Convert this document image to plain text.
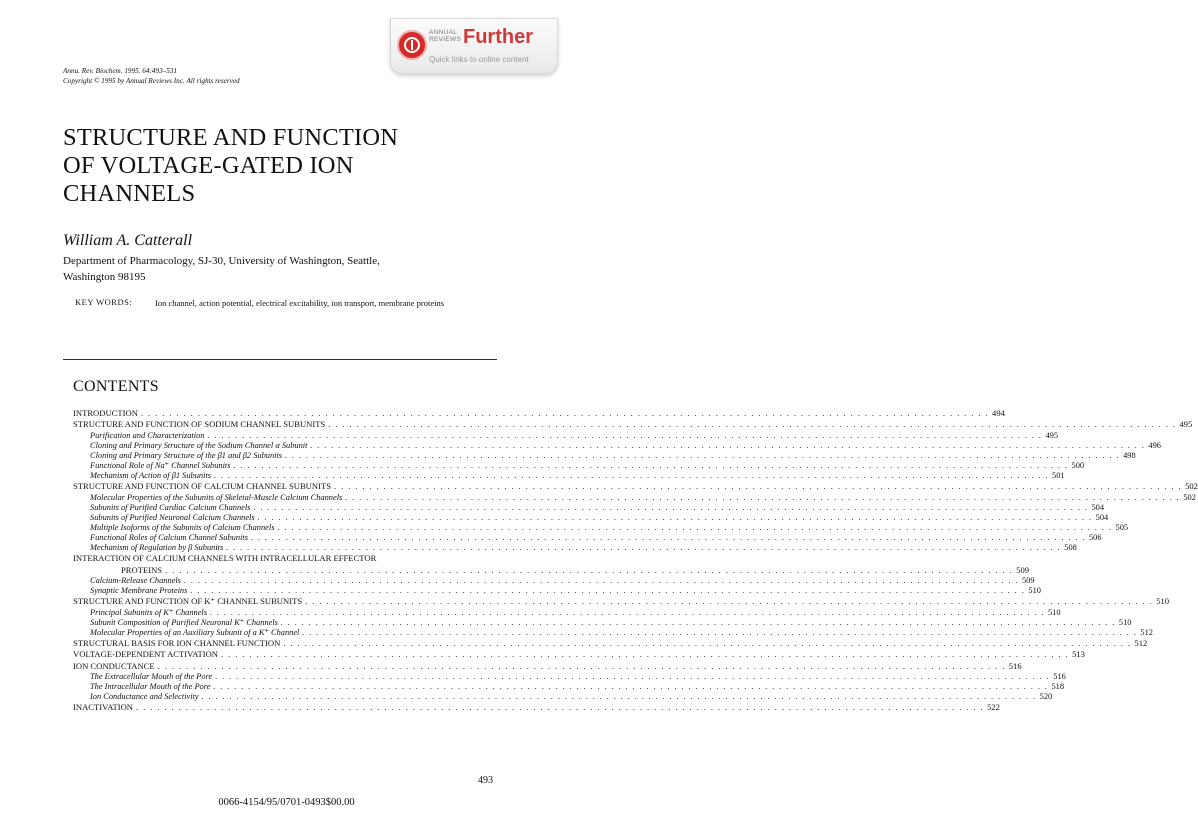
ANNUAL
REVIEWS Further
Quick links to online content
Annu. Rev. Biochem. 1995. 64:493–531
Copyright © 1995 by Annual Reviews Inc. All rights reserved
STRUCTURE AND FUNCTION
OF VOLTAGE-GATED ION
CHANNELS
William A. Catterall
Department of Pharmacology, SJ-30, University of Washington, Seattle,
Washington 98195
KEY WORDS:	Ion channel, action potential, electrical excitability, ion transport, membrane proteins
CONTENTS
INTRODUCTION . . . . . . . . . . . . . . . . . . . . . . . . . . . . . . . . . . . . . . . . . . . . . . . . . . . . . . . . . . . . . . . . . . . . . . . . . . . . . . . . . . . . . . . . . . . . . . . . . . . . . . . . . . . . . . . . . . . . . . . . 494
STRUCTURE AND FUNCTION OF SODIUM CHANNEL SUBUNITS . . . . . . . . . . . . . . . . . . . . . . . . . . . . . . . . . . . . . . . . . . . . . . . . . . . . . . . . . . . . . . . . . . . . . . . . . . . . . . . . . . . . . . . . . . . . . . . . . . . . . . . . . . . . . . . . . . . . . . . . 495
Purification and Characterization . . . . . . . . . . . . . . . . . . . . . . . . . . . . . . . . . . . . . . . . . . . . . . . . . . . . . . . . . . . . . . . . . . . . . . . . . . . . . . . . . . . . . . . . . . . . . . . . . . . . . . . . . . . . . . . . . . . . . . . . 495
Cloning and Primary Structure of the Sodium Channel α Subunit . . . . . . . . . . . . . . . . . . . . . . . . . . . . . . . . . . . . . . . . . . . . . . . . . . . . . . . . . . . . . . . . . . . . . . . . . . . . . . . . . . . . . . . . . . . . . . . . . . . . . . . . . . . . . . . . . . . . . . . . 496
Cloning and Primary Structure of the β1 and β2 Subunits . . . . . . . . . . . . . . . . . . . . . . . . . . . . . . . . . . . . . . . . . . . . . . . . . . . . . . . . . . . . . . . . . . . . . . . . . . . . . . . . . . . . . . . . . . . . . . . . . . . . . . . . . . . . . . . . . . . . . . . . 498
Functional Role of Na⁺ Channel Subunits . . . . . . . . . . . . . . . . . . . . . . . . . . . . . . . . . . . . . . . . . . . . . . . . . . . . . . . . . . . . . . . . . . . . . . . . . . . . . . . . . . . . . . . . . . . . . . . . . . . . . . . . . . . . . . . . . . . . . . . . 500
Mechanism of Action of β1 Subunits . . . . . . . . . . . . . . . . . . . . . . . . . . . . . . . . . . . . . . . . . . . . . . . . . . . . . . . . . . . . . . . . . . . . . . . . . . . . . . . . . . . . . . . . . . . . . . . . . . . . . . . . . . . . . . . . . . . . . . . . 501
STRUCTURE AND FUNCTION OF CALCIUM CHANNEL SUBUNITS . . . . . . . . . . . . . . . . . . . . . . . . . . . . . . . . . . . . . . . . . . . . . . . . . . . . . . . . . . . . . . . . . . . . . . . . . . . . . . . . . . . . . . . . . . . . . . . . . . . . . . . . . . . . . . . . . . . . . . . . 502
Molecular Properties of the Subunits of Skeletal-Muscle Calcium Channels . . . . . . . . . . . . . . . . . . . . . . . . . . . . . . . . . . . . . . . . . . . . . . . . . . . . . . . . . . . . . . . . . . . . . . . . . . . . . . . . . . . . . . . . . . . . . . . . . . . . . . . . . . . . . . . . . . . . . . . . 502
Subunits of Purified Cardiac Calcium Channels . . . . . . . . . . . . . . . . . . . . . . . . . . . . . . . . . . . . . . . . . . . . . . . . . . . . . . . . . . . . . . . . . . . . . . . . . . . . . . . . . . . . . . . . . . . . . . . . . . . . . . . . . . . . . . . . . . . . . . . . 504
Subunits of Purified Neuronal Calcium Channels . . . . . . . . . . . . . . . . . . . . . . . . . . . . . . . . . . . . . . . . . . . . . . . . . . . . . . . . . . . . . . . . . . . . . . . . . . . . . . . . . . . . . . . . . . . . . . . . . . . . . . . . . . . . . . . . . . . . . . . . 504
Multiple Isoforms of the Subunits of Calcium Channels . . . . . . . . . . . . . . . . . . . . . . . . . . . . . . . . . . . . . . . . . . . . . . . . . . . . . . . . . . . . . . . . . . . . . . . . . . . . . . . . . . . . . . . . . . . . . . . . . . . . . . . . . . . . . . . . . . . . . . . . 505
Functional Roles of Calcium Channel Subunits . . . . . . . . . . . . . . . . . . . . . . . . . . . . . . . . . . . . . . . . . . . . . . . . . . . . . . . . . . . . . . . . . . . . . . . . . . . . . . . . . . . . . . . . . . . . . . . . . . . . . . . . . . . . . . . . . . . . . . . . 506
Mechanism of Regulation by β Subunits . . . . . . . . . . . . . . . . . . . . . . . . . . . . . . . . . . . . . . . . . . . . . . . . . . . . . . . . . . . . . . . . . . . . . . . . . . . . . . . . . . . . . . . . . . . . . . . . . . . . . . . . . . . . . . . . . . . . . . . . 508
INTERACTION OF CALCIUM CHANNELS WITH INTRACELLULAR EFFECTOR
PROTEINS . . . . . . . . . . . . . . . . . . . . . . . . . . . . . . . . . . . . . . . . . . . . . . . . . . . . . . . . . . . . . . . . . . . . . . . . . . . . . . . . . . . . . . . . . . . . . . . . . . . . . . . . . . . . . . . . . . . . . . . . 509
Calcium-Release Channels . . . . . . . . . . . . . . . . . . . . . . . . . . . . . . . . . . . . . . . . . . . . . . . . . . . . . . . . . . . . . . . . . . . . . . . . . . . . . . . . . . . . . . . . . . . . . . . . . . . . . . . . . . . . . . . . . . . . . . . . 509
Synaptic Membrane Proteins . . . . . . . . . . . . . . . . . . . . . . . . . . . . . . . . . . . . . . . . . . . . . . . . . . . . . . . . . . . . . . . . . . . . . . . . . . . . . . . . . . . . . . . . . . . . . . . . . . . . . . . . . . . . . . . . . . . . . . . . 510
STRUCTURE AND FUNCTION OF K⁺ CHANNEL SUBUNITS . . . . . . . . . . . . . . . . . . . . . . . . . . . . . . . . . . . . . . . . . . . . . . . . . . . . . . . . . . . . . . . . . . . . . . . . . . . . . . . . . . . . . . . . . . . . . . . . . . . . . . . . . . . . . . . . . . . . . . . . 510
Principal Subunits of K⁺ Channels . . . . . . . . . . . . . . . . . . . . . . . . . . . . . . . . . . . . . . . . . . . . . . . . . . . . . . . . . . . . . . . . . . . . . . . . . . . . . . . . . . . . . . . . . . . . . . . . . . . . . . . . . . . . . . . . . . . . . . . . 510
Subunit Composition of Purified Neuronal K⁺ Channels . . . . . . . . . . . . . . . . . . . . . . . . . . . . . . . . . . . . . . . . . . . . . . . . . . . . . . . . . . . . . . . . . . . . . . . . . . . . . . . . . . . . . . . . . . . . . . . . . . . . . . . . . . . . . . . . . . . . . . . . 510
Molecular Properties of an Auxiliary Subunit of a K⁺ Channel . . . . . . . . . . . . . . . . . . . . . . . . . . . . . . . . . . . . . . . . . . . . . . . . . . . . . . . . . . . . . . . . . . . . . . . . . . . . . . . . . . . . . . . . . . . . . . . . . . . . . . . . . . . . . . . . . . . . . . . . 512
STRUCTURAL BASIS FOR ION CHANNEL FUNCTION . . . . . . . . . . . . . . . . . . . . . . . . . . . . . . . . . . . . . . . . . . . . . . . . . . . . . . . . . . . . . . . . . . . . . . . . . . . . . . . . . . . . . . . . . . . . . . . . . . . . . . . . . . . . . . . . . . . . . . . . 512
VOLTAGE-DEPENDENT ACTIVATION . . . . . . . . . . . . . . . . . . . . . . . . . . . . . . . . . . . . . . . . . . . . . . . . . . . . . . . . . . . . . . . . . . . . . . . . . . . . . . . . . . . . . . . . . . . . . . . . . . . . . . . . . . . . . . . . . . . . . . . . 513
ION CONDUCTANCE . . . . . . . . . . . . . . . . . . . . . . . . . . . . . . . . . . . . . . . . . . . . . . . . . . . . . . . . . . . . . . . . . . . . . . . . . . . . . . . . . . . . . . . . . . . . . . . . . . . . . . . . . . . . . . . . . . . . . . . . 516
The Extracellular Mouth of the Pore . . . . . . . . . . . . . . . . . . . . . . . . . . . . . . . . . . . . . . . . . . . . . . . . . . . . . . . . . . . . . . . . . . . . . . . . . . . . . . . . . . . . . . . . . . . . . . . . . . . . . . . . . . . . . . . . . . . . . . . . 516
The Intracellular Mouth of the Pore . . . . . . . . . . . . . . . . . . . . . . . . . . . . . . . . . . . . . . . . . . . . . . . . . . . . . . . . . . . . . . . . . . . . . . . . . . . . . . . . . . . . . . . . . . . . . . . . . . . . . . . . . . . . . . . . . . . . . . . . 518
Ion Conductance and Selectivity . . . . . . . . . . . . . . . . . . . . . . . . . . . . . . . . . . . . . . . . . . . . . . . . . . . . . . . . . . . . . . . . . . . . . . . . . . . . . . . . . . . . . . . . . . . . . . . . . . . . . . . . . . . . . . . . . . . . . . . . 520
INACTIVATION . . . . . . . . . . . . . . . . . . . . . . . . . . . . . . . . . . . . . . . . . . . . . . . . . . . . . . . . . . . . . . . . . . . . . . . . . . . . . . . . . . . . . . . . . . . . . . . . . . . . . . . . . . . . . . . . . . . . . . . . 522
493
0066-4154/95/0701-0493$00.00
